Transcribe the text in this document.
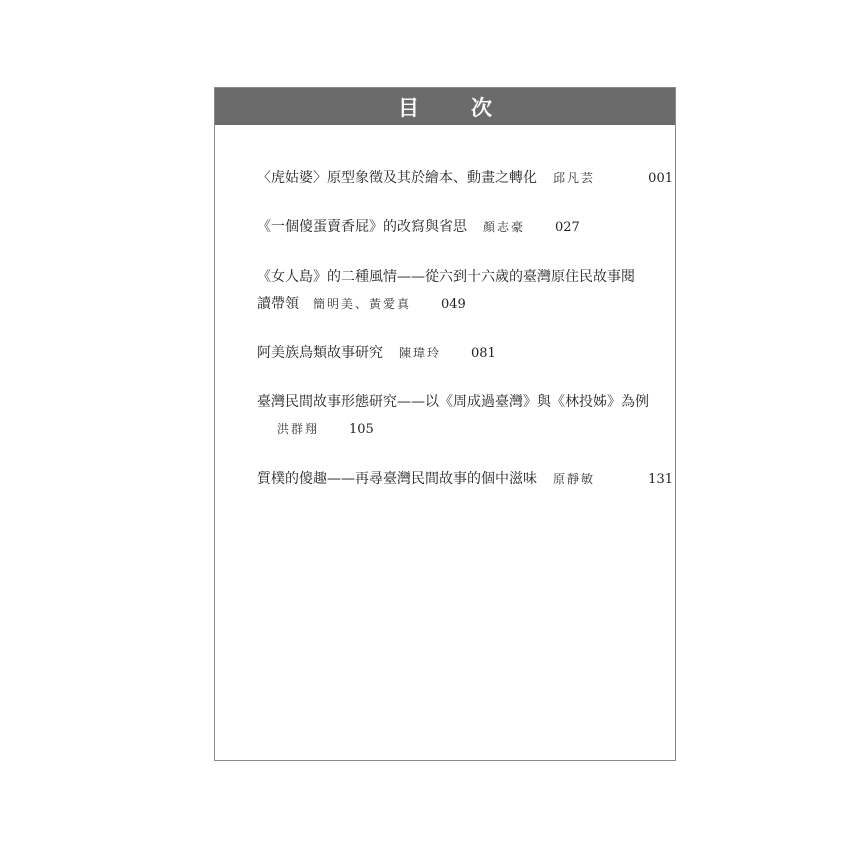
目次
〈虎姑婆〉原型象徵及其於繪本、動畫之轉化 邱凡芸	001
《一個傻蛋賣香屁》的改寫與省思 顏志豪 027
《女人島》的二種風情——從六到十六歲的臺灣原住民故事閱
讀帶領 簡明美、黃愛真 049
阿美族鳥類故事研究 陳瑋玲 081
臺灣民間故事形態研究——以《周成過臺灣》與《林投姊》為例
洪群翔 105
質樸的傻趣——再尋臺灣民間故事的個中滋味 原靜敏	131
